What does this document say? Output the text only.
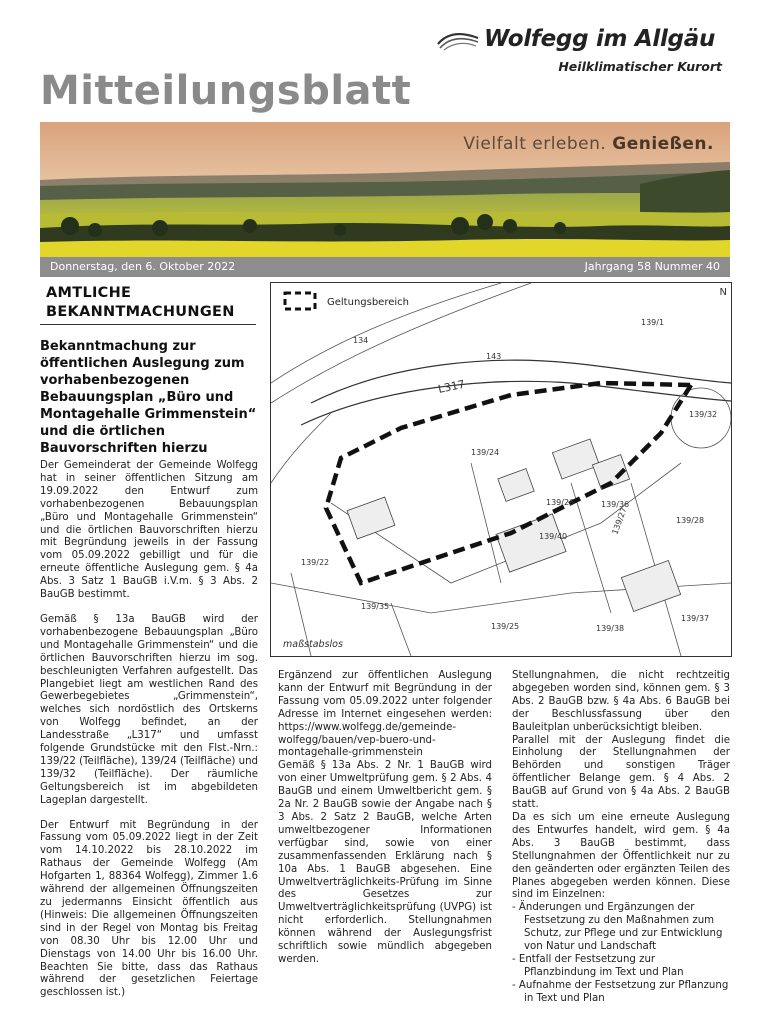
Wolfegg im Allgäu
Heilklimatischer Kurort
Mitteilungsblatt
Vielfalt erleben. Genießen.
Donnerstag, den 6. Oktober 2022	Jahrgang 58 Nummer 40
AMTLICHE
BEKANNTMACHUNGEN
Bekanntmachung zur öffentlichen Auslegung zum vorhabenbezogenen Bebauungsplan „Büro und Montagehalle Grimmenstein“ und die örtlichen Bauvorschriften hierzu

Der Gemeinderat der Gemeinde Wolfegg hat in seiner öffentlichen Sitzung am 19.09.2022 den Entwurf zum vorhabenbezogenen Bebauungsplan „Büro und Montagehalle Grimmenstein“ und die örtlichen Bauvorschriften hierzu mit Begründung jeweils in der Fassung vom 05.09.2022 gebilligt und für die erneute öffentliche Auslegung gem. § 4a Abs. 3 Satz 1 BauGB i.V.m. § 3 Abs. 2 BauGB bestimmt.

Gemäß § 13a BauGB wird der vorhabenbezogene Bebauungsplan „Büro und Montagehalle Grimmenstein“ und die örtlichen Bauvorschriften hierzu im sog. beschleunigten Verfahren aufgestellt. Das Plangebiet liegt am westlichen Rand des Gewerbegebietes „Grimmenstein“, welches sich nordöstlich des Ortskerns von Wolfegg befindet, an der Landesstraße „L317“ und umfasst folgende Grundstücke mit den Flst.-Nrn.: 139/22 (Teilfläche), 139/24 (Teilfläche) und 139/32 (Teilfläche). Der räumliche Geltungsbereich ist im abgebildeten Lageplan dargestellt.

Der Entwurf mit Begründung in der Fassung vom 05.09.2022 liegt in der Zeit vom 14.10.2022 bis 28.10.2022 im Rathaus der Gemeinde Wolfegg (Am Hofgarten 1, 88364 Wolfegg), Zimmer 1.6 während der allgemeinen Öffnungszeiten zu jedermanns Einsicht öffentlich aus (Hinweis: Die allgemeinen Öffnungszeiten sind in der Regel von Montag bis Freitag von 08.30 Uhr bis 12.00 Uhr und Dienstags von 14.00 Uhr bis 16.00 Uhr. Beachten Sie bitte, dass das Rathaus während der gesetzlichen Feiertage geschlossen ist.)

134
143
139/1
139/32
139/24
139/26	139/36
139/27	139/28
139/40
139/22
139/35
139/25	139/38
139/37
L317
Geltungsbereich
N
maßstabslos

Ergänzend zur öffentlichen Auslegung kann der Entwurf mit Begründung in der Fassung vom 05.09.2022 unter folgender Adresse im Internet eingesehen werden: https://www.wolfegg.de/gemeinde-wolfegg/bauen/vep-buero-und-montagehalle-grimmenstein

Gemäß § 13a Abs. 2 Nr. 1 BauGB wird von einer Umweltprüfung gem. § 2 Abs. 4 BauGB und einem Umweltbericht gem. § 2a Nr. 2 BauGB sowie der Angabe nach § 3 Abs. 2 Satz 2 BauGB, welche Arten umweltbezogener Informationen verfügbar sind, sowie von einer zusammenfassenden Erklärung nach § 10a Abs. 1 BauGB abgesehen. Eine Umweltverträglichkeits-Prüfung im Sinne des Gesetzes zur Umweltverträglichkeitsprüfung (UVPG) ist nicht erforderlich. Stellungnahmen können während der Auslegungsfrist schriftlich sowie mündlich abgegeben werden.

Stellungnahmen, die nicht rechtzeitig abgegeben worden sind, können gem. § 3 Abs. 2 BauGB bzw. § 4a Abs. 6 BauGB bei der Beschlussfassung über den Bauleitplan unberücksichtigt bleiben.

Parallel mit der Auslegung findet die Einholung der Stellungnahmen der Behörden und sonstigen Träger öffentlicher Belange gem. § 4 Abs. 2 BauGB auf Grund von § 4a Abs. 2 BauGB statt.

Da es sich um eine erneute Auslegung des Entwurfes handelt, wird gem. § 4a Abs. 3 BauGB bestimmt, dass Stellungnahmen der Öffentlichkeit nur zu den geänderten oder ergänzten Teilen des Planes abgegeben werden können. Diese sind im Einzelnen:

- Änderungen und Ergänzungen der Festsetzung zu den Maßnahmen zum Schutz, zur Pflege und zur Entwicklung von Natur und Landschaft
- Entfall der Festsetzung zur Pflanzbindung im Text und Plan
- Aufnahme der Festsetzung zur Pflanzung in Text und Plan
